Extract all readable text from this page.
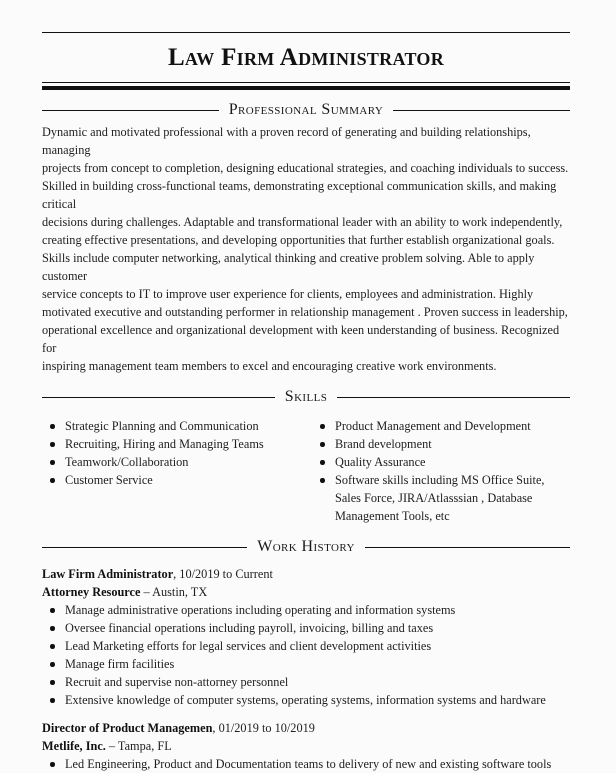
Law Firm Administrator
Professional Summary
Dynamic and motivated professional with a proven record of generating and building relationships, managing
projects from concept to completion, designing educational strategies, and coaching individuals to success.
Skilled in building cross-functional teams, demonstrating exceptional communication skills, and making critical
decisions during challenges. Adaptable and transformational leader with an ability to work independently,
creating effective presentations, and developing opportunities that further establish organizational goals.
Skills include computer networking, analytical thinking and creative problem solving. Able to apply customer
service concepts to IT to improve user experience for clients, employees and administration. Highly
motivated executive and outstanding performer in relationship management . Proven success in leadership,
operational excellence and organizational development with keen understanding of business. Recognized for
inspiring management team members to excel and encouraging creative work environments.
Skills
Strategic Planning and Communication
Recruiting, Hiring and Managing Teams
Teamwork/Collaboration
Customer Service
Product Management and Development
Brand development
Quality Assurance
Software skills including MS Office Suite, Sales Force, JIRA/Atlasssian , Database Management Tools, etc
Work History
Law Firm Administrator, 10/2019 to Current
Attorney Resource – Austin, TX
Manage administrative operations including operating and information systems
Oversee financial operations including payroll, invoicing, billing and taxes
Lead Marketing efforts for legal services and client development activities
Manage firm facilities
Recruit and supervise non-attorney personnel
Extensive knowledge of computer systems, operating systems, information systems and hardware
Director of Product Managemen, 01/2019 to 10/2019
Metlife, Inc. – Tampa, FL
Led Engineering, Product and Documentation teams to delivery of new and existing software tools
